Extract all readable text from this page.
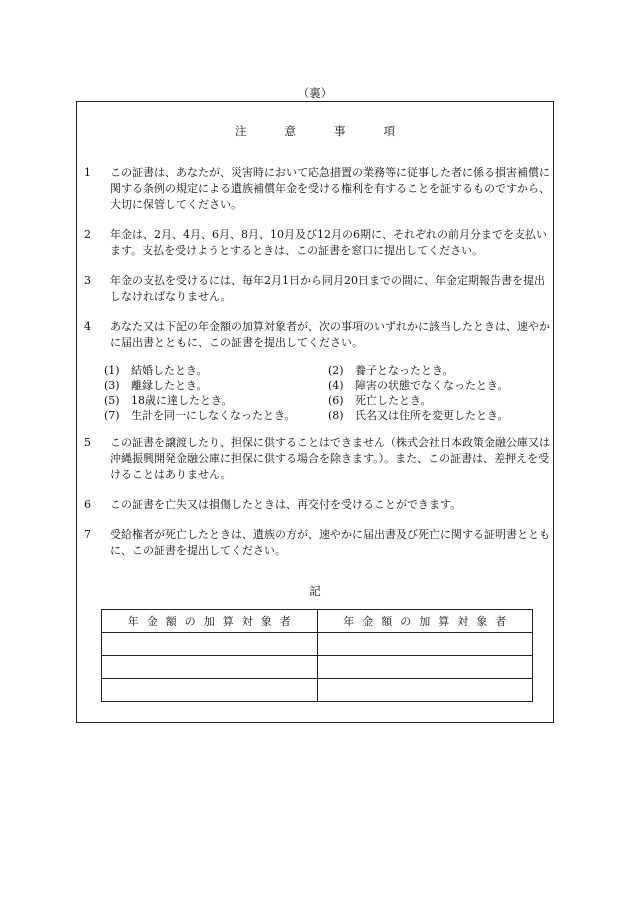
（裏）
注意事項
1	この証書は、あなたが、災害時において応急措置の業務等に従事した者に係る損害補償に関する条例の規定による遺族補償年金を受ける権利を有することを証するものですから、大切に保管してください。
2	年金は、2月、4月、6月、8月、10月及び12月の6期に、それぞれの前月分までを支払います。支払を受けようとするときは、この証書を窓口に提出してください。
3	年金の支払を受けるには、毎年2月1日から同月20日までの間に、年金定期報告書を提出しなければなりません。
4	あなた又は下記の年金額の加算対象者が、次の事項のいずれかに該当したときは、速やかに届出書とともに、この証書を提出してください。
(1)	結婚したとき。	(2)	養子となったとき。
(3)	離縁したとき。	(4)	障害の状態でなくなったとき。
(5)	18歳に達したとき。	(6)	死亡したとき。
(7)	生計を同一にしなくなったとき。	(8)	氏名又は住所を変更したとき。
5	この証書を譲渡したり、担保に供することはできません（株式会社日本政策金融公庫又は沖縄振興開発金融公庫に担保に供する場合を除きます。）。また、この証書は、差押えを受けることはありません。
6	この証書を亡失又は損傷したときは、再交付を受けることができます。
7	受給権者が死亡したときは、遺族の方が、速やかに届出書及び死亡に関する証明書とともに、この証書を提出してください。
記
年金額の加算対象者	年金額の加算対象者
